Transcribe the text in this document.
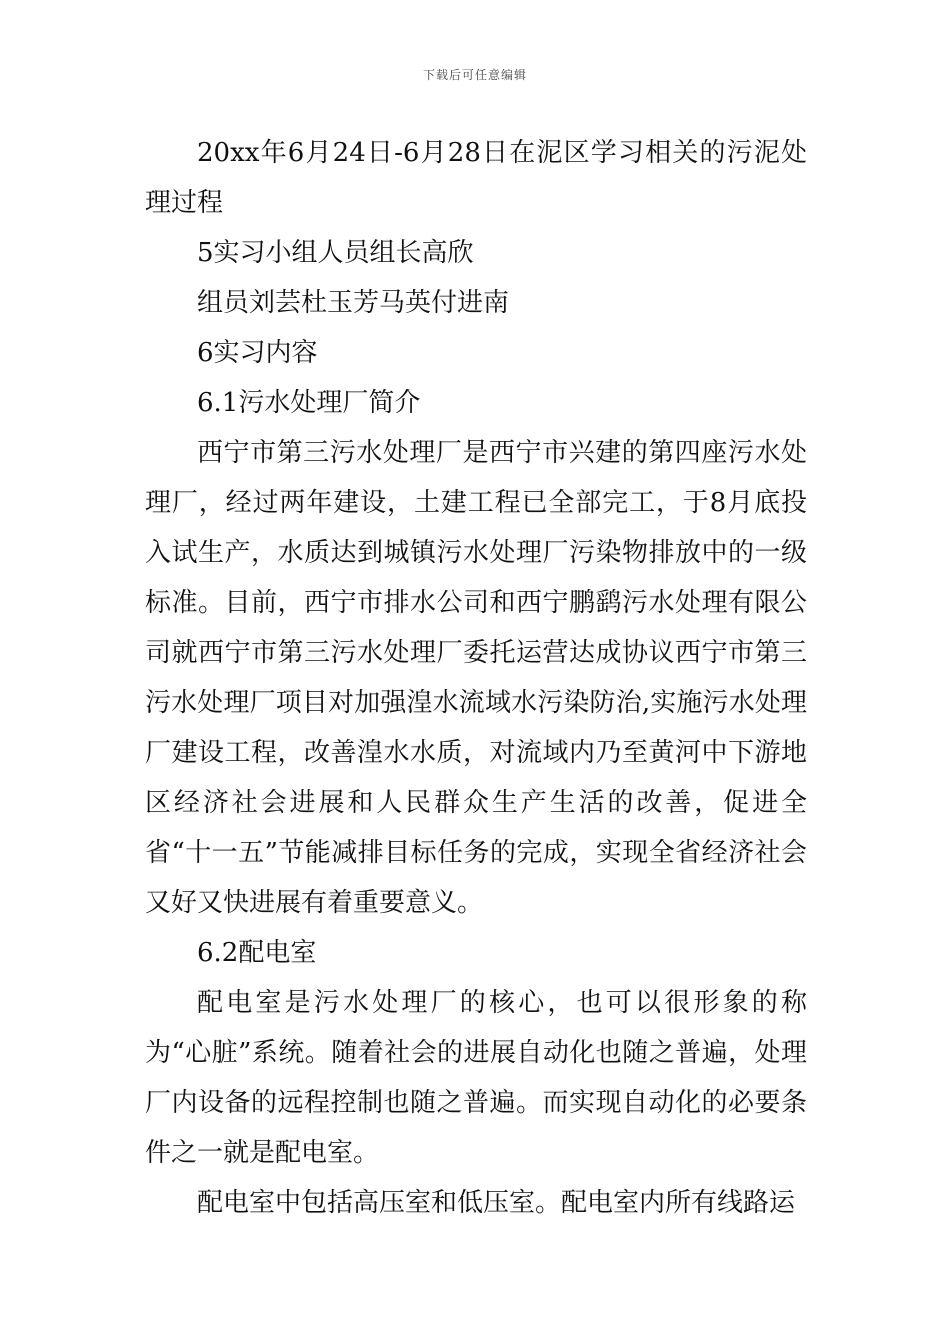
下载后可任意编辑

20xx年6月24日-6月28日在泥区学习相关的污泥处理过程

5实习小组人员组长高欣

组员刘芸杜玉芳马英付进南

6实习内容

6.1污水处理厂简介

西宁市第三污水处理厂是西宁市兴建的第四座污水处理厂，经过两年建设，土建工程已全部完工，于8月底投入试生产，水质达到城镇污水处理厂污染物排放中的一级标准。目前，西宁市排水公司和西宁鹏鹞污水处理有限公司就西宁市第三污水处理厂委托运营达成协议西宁市第三污水处理厂项目对加强湟水流域水污染防治,实施污水处理厂建设工程，改善湟水水质，对流域内乃至黄河中下游地区经济社会进展和人民群众生产生活的改善，促进全省“十一五”节能减排目标任务的完成，实现全省经济社会又好又快进展有着重要意义。

6.2配电室

配电室是污水处理厂的核心，也可以很形象的称为“心脏”系统。随着社会的进展自动化也随之普遍，处理厂内设备的远程控制也随之普遍。而实现自动化的必要条件之一就是配电室。

配电室中包括高压室和低压室。配电室内所有线路运
